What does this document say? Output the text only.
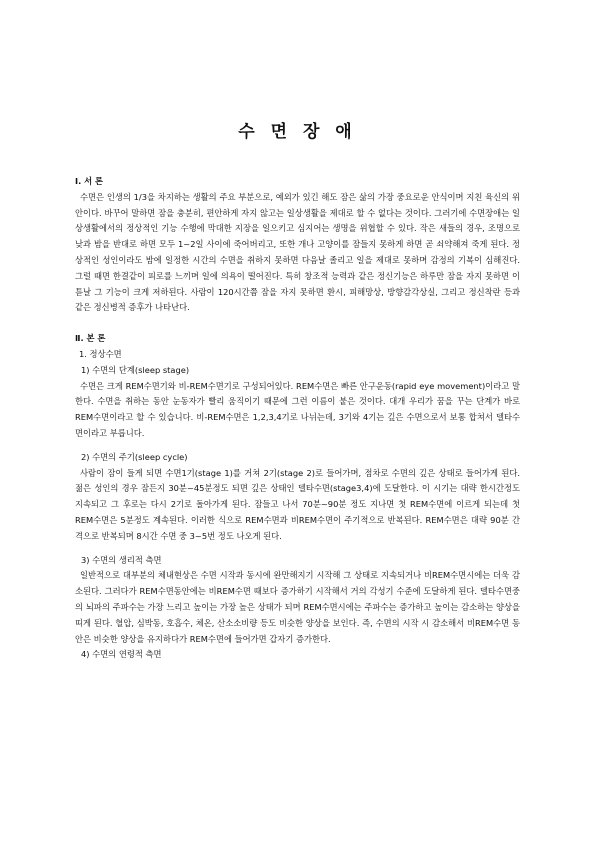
수 면 장 애

Ⅰ. 서 론

수면은 인생의 1/3을 차지하는 생활의 주요 부분으로, 예외가 있긴 해도 잠은 삶의 가장 중요로운 안식이며 지친 육신의 위안이다. 바꾸어 말하면 잠을 충분히, 편안하게 자지 않고는 일상생활을 제대로 할 수 없다는 것이다. 그러기에 수면장애는 일상생활에서의 정상적인 기능 수행에 막대한 지장을 일으키고 심지어는 생명을 위협할 수 있다. 작은 새들의 경우, 조명으로 낮과 밤을 반대로 하면 모두 1~2일 사이에 죽어버리고, 또한 개나 고양이를 잠들지 못하게 하면 곧 쇠약해져 죽게 된다. 정상적인 성인이라도 밤에 일정한 시간의 수면을 취하지 못하면 다음날 졸리고 일을 제대로 못하며 감정의 기복이 심해진다. 그럴 때면 한결같이 피로를 느끼며 일에 의욕이 떨어진다. 특히 창조적 능력과 같은 정신기능은 하루만 잠을 자지 못하면 이튿날 그 기능이 크게 저하된다. 사람이 120시간쯤 잠을 자지 못하면 환시, 피해망상, 방향감각상실, 그리고 정신착란 등과 같은 정신병적 증후가 나타난다.

Ⅱ. 본 론

1. 정상수면

1) 수면의 단계(sleep stage)

수면은 크게 REM수면기와 비-REM수면기로 구성되어있다. REM수면은 빠른 안구운동(rapid eye movement)이라고 말한다. 수면을 취하는 동안 눈동자가 빨리 움직이기 때문에 그런 이름이 붙은 것이다. 대개 우리가 꿈을 꾸는 단계가 바로 REM수면이라고 할 수 있습니다. 비-REM수면은 1,2,3,4기로 나뉘는데, 3기와 4기는 깊은 수면으로서 보통 합쳐서 델타수면이라고 부릅니다.

2) 수면의 주기(sleep cycle)

사람이 잠이 들게 되면 수면1기(stage 1)를 거쳐 2기(stage 2)로 들어가며, 점차로 수면의 깊은 상태로 들어가게 된다. 젊은 성인의 경우 잠든지 30분~45분정도 되면 깊은 상태인 델타수면(stage3,4)에 도달한다. 이 시기는 대략 한시간정도 지속되고 그 후로는 다시 2기로 돌아가게 된다. 잠들고 나서 70분~90분 정도 지나면 첫 REM수면에 이르게 되는데 첫 REM수면은 5분정도 계속된다. 이러한 식으로 REM수면과 비REM수면이 주기적으로 반복된다. REM수면은 대략 90분 간격으로 반복되며 8시간 수면 중 3~5번 정도 나오게 된다.

3) 수면의 생리적 측면

일반적으로 대부분의 체내현상은 수면 시작과 동시에 완만해지기 시작해 그 상태로 지속되거나 비REM수면시에는 더욱 감소된다. 그러다가 REM수면동안에는 비REM수면 때보다 증가하기 시작해서 거의 각성기 수준에 도달하게 된다. 델타수면중의 뇌파의 주파수는 가장 느리고 높이는 가장 높은 상태가 되며 REM수면시에는 주파수는 증가하고 높이는 감소하는 양상을 띠게 된다. 혈압, 심박동, 호흡수, 체온, 산소소비량 등도 비슷한 양상을 보인다. 즉, 수면의 시작 시 감소해서 비REM수면 동안은 비슷한 양상을 유지하다가 REM수면에 들어가면 갑자기 증가한다.

4) 수면의 연령적 측면
